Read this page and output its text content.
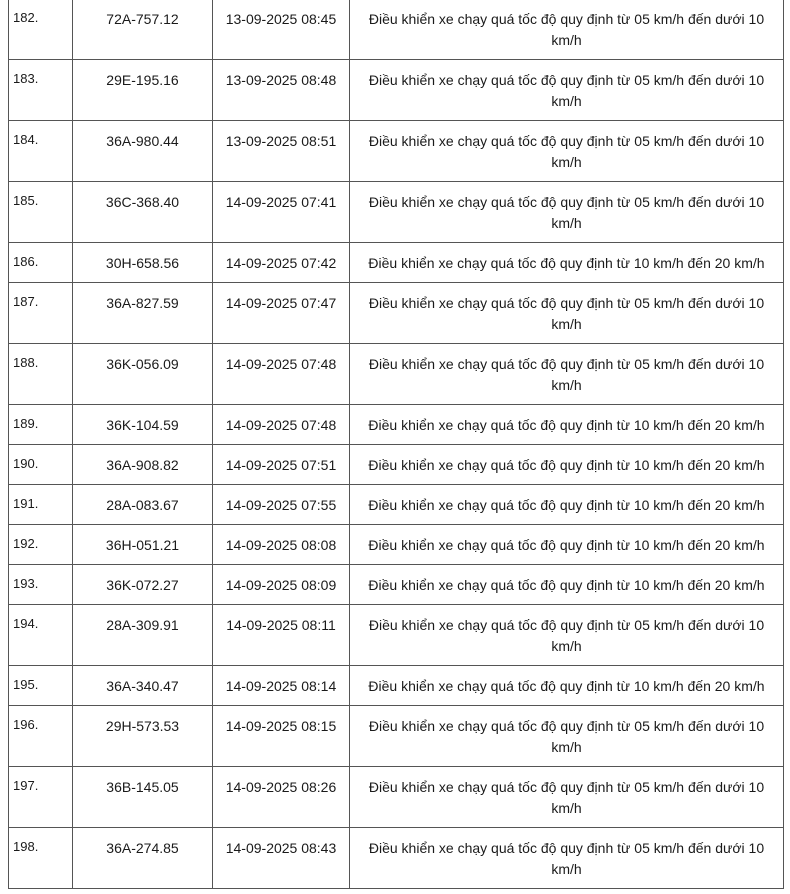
182.	72A-757.12	13-09-2025 08:45	Điều khiển xe chạy quá tốc độ quy định từ 05 km/h đến dưới 10 km/h
183.	29E-195.16	13-09-2025 08:48	Điều khiển xe chạy quá tốc độ quy định từ 05 km/h đến dưới 10 km/h
184.	36A-980.44	13-09-2025 08:51	Điều khiển xe chạy quá tốc độ quy định từ 05 km/h đến dưới 10 km/h
185.	36C-368.40	14-09-2025 07:41	Điều khiển xe chạy quá tốc độ quy định từ 05 km/h đến dưới 10 km/h
186.	30H-658.56	14-09-2025 07:42	Điều khiển xe chạy quá tốc độ quy định từ 10 km/h đến 20 km/h
187.	36A-827.59	14-09-2025 07:47	Điều khiển xe chạy quá tốc độ quy định từ 05 km/h đến dưới 10 km/h
188.	36K-056.09	14-09-2025 07:48	Điều khiển xe chạy quá tốc độ quy định từ 05 km/h đến dưới 10 km/h
189.	36K-104.59	14-09-2025 07:48	Điều khiển xe chạy quá tốc độ quy định từ 10 km/h đến 20 km/h
190.	36A-908.82	14-09-2025 07:51	Điều khiển xe chạy quá tốc độ quy định từ 10 km/h đến 20 km/h
191.	28A-083.67	14-09-2025 07:55	Điều khiển xe chạy quá tốc độ quy định từ 10 km/h đến 20 km/h
192.	36H-051.21	14-09-2025 08:08	Điều khiển xe chạy quá tốc độ quy định từ 10 km/h đến 20 km/h
193.	36K-072.27	14-09-2025 08:09	Điều khiển xe chạy quá tốc độ quy định từ 10 km/h đến 20 km/h
194.	28A-309.91	14-09-2025 08:11	Điều khiển xe chạy quá tốc độ quy định từ 05 km/h đến dưới 10 km/h
195.	36A-340.47	14-09-2025 08:14	Điều khiển xe chạy quá tốc độ quy định từ 10 km/h đến 20 km/h
196.	29H-573.53	14-09-2025 08:15	Điều khiển xe chạy quá tốc độ quy định từ 05 km/h đến dưới 10 km/h
197.	36B-145.05	14-09-2025 08:26	Điều khiển xe chạy quá tốc độ quy định từ 05 km/h đến dưới 10 km/h
198.	36A-274.85	14-09-2025 08:43	Điều khiển xe chạy quá tốc độ quy định từ 05 km/h đến dưới 10 km/h
